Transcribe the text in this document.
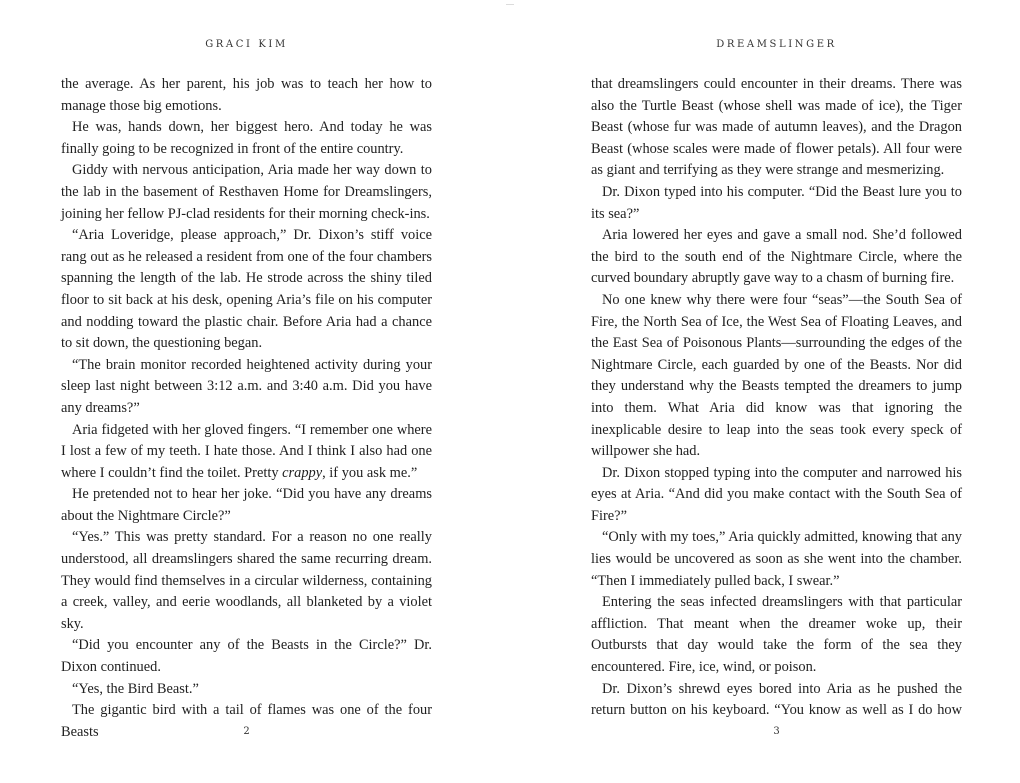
GRACI KIM

the average. As her parent, his job was to teach her how to manage those big emotions.

He was, hands down, her biggest hero. And today he was finally going to be recognized in front of the entire country.

Giddy with nervous anticipation, Aria made her way down to the lab in the basement of Resthaven Home for Dreamslingers, joining her fellow PJ-clad residents for their morning check-ins.

“Aria Loveridge, please approach,” Dr. Dixon’s stiff voice rang out as he released a resident from one of the four chambers spanning the length of the lab. He strode across the shiny tiled floor to sit back at his desk, opening Aria’s file on his computer and nodding toward the plastic chair. Before Aria had a chance to sit down, the questioning began.

“The brain monitor recorded heightened activity during your sleep last night between 3:12 a.m. and 3:40 a.m. Did you have any dreams?”

Aria fidgeted with her gloved fingers. “I remember one where I lost a few of my teeth. I hate those. And I think I also had one where I couldn’t find the toilet. Pretty crappy, if you ask me.”

He pretended not to hear her joke. “Did you have any dreams about the Nightmare Circle?”

“Yes.” This was pretty standard. For a reason no one really understood, all dreamslingers shared the same recurring dream. They would find themselves in a circular wilderness, containing a creek, valley, and eerie woodlands, all blanketed by a violet sky.

“Did you encounter any of the Beasts in the Circle?” Dr. Dixon continued.

“Yes, the Bird Beast.”

The gigantic bird with a tail of flames was one of the four Beasts	2
DREAMSLINGER

that dreamslingers could encounter in their dreams. There was also the Turtle Beast (whose shell was made of ice), the Tiger Beast (whose fur was made of autumn leaves), and the Dragon Beast (whose scales were made of flower petals). All four were as giant and terrifying as they were strange and mesmerizing.

Dr. Dixon typed into his computer. “Did the Beast lure you to its sea?”

Aria lowered her eyes and gave a small nod. She’d followed the bird to the south end of the Nightmare Circle, where the curved boundary abruptly gave way to a chasm of burning fire.

No one knew why there were four “seas”—the South Sea of Fire, the North Sea of Ice, the West Sea of Floating Leaves, and the East Sea of Poisonous Plants—surrounding the edges of the Nightmare Circle, each guarded by one of the Beasts. Nor did they understand why the Beasts tempted the dreamers to jump into them. What Aria did know was that ignoring the inexplicable desire to leap into the seas took every speck of willpower she had.

Dr. Dixon stopped typing into the computer and narrowed his eyes at Aria. “And did you make contact with the South Sea of Fire?”

“Only with my toes,” Aria quickly admitted, knowing that any lies would be uncovered as soon as she went into the chamber. “Then I immediately pulled back, I swear.”

Entering the seas infected dreamslingers with that particular affliction. That meant when the dreamer woke up, their Outbursts that day would take the form of the sea they encountered. Fire, ice, wind, or poison.

Dr. Dixon’s shrewd eyes bored into Aria as he pushed the return button on his keyboard. “You know as well as I do how

3
